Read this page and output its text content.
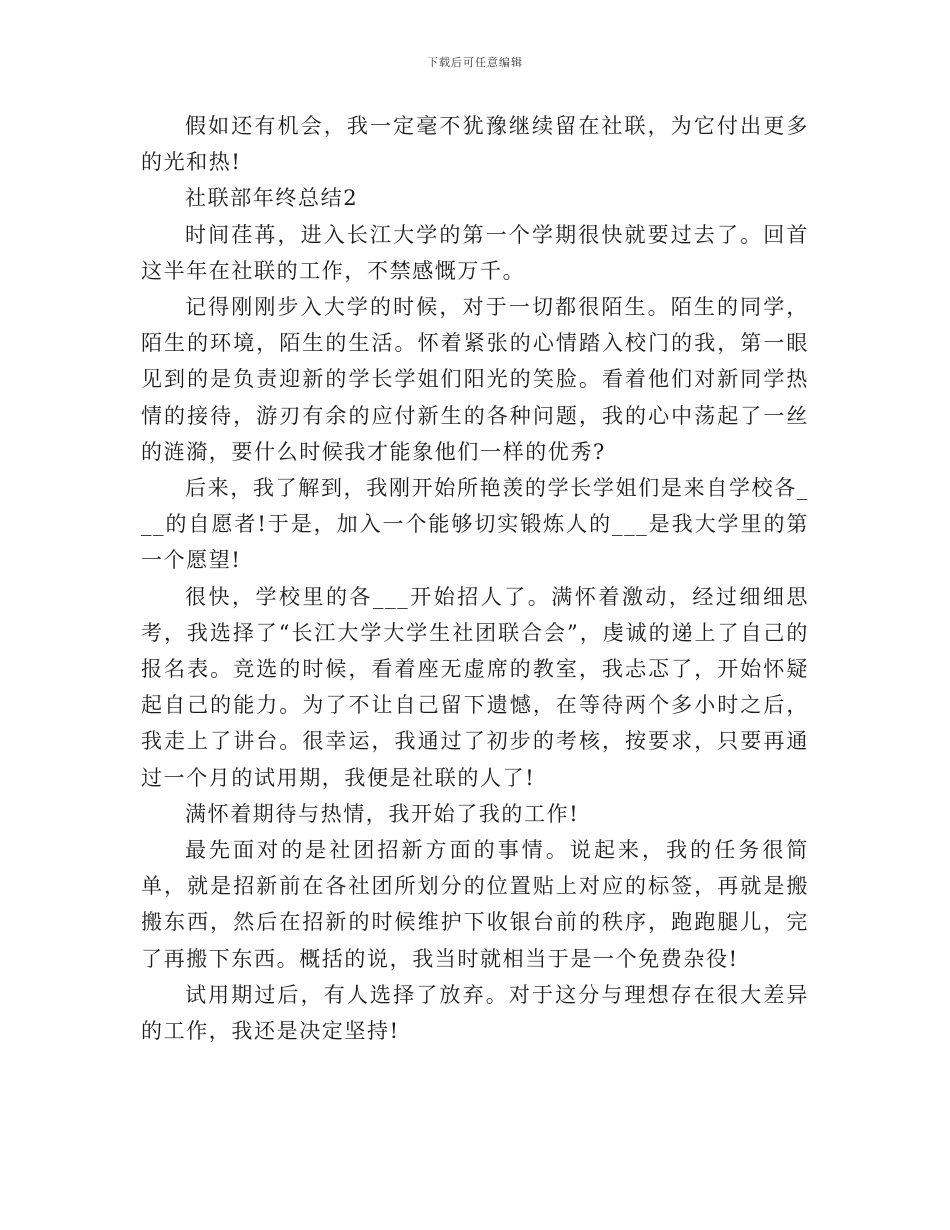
下载后可任意编辑

假如还有机会，我一定毫不犹豫继续留在社联，为它付出更多的光和热!

社联部年终总结2

时间荏苒，进入长江大学的第一个学期很快就要过去了。回首这半年在社联的工作，不禁感慨万千。

记得刚刚步入大学的时候，对于一切都很陌生。陌生的同学，陌生的环境，陌生的生活。怀着紧张的心情踏入校门的我，第一眼见到的是负责迎新的学长学姐们阳光的笑脸。看着他们对新同学热情的接待，游刃有余的应付新生的各种问题，我的心中荡起了一丝的涟漪，要什么时候我才能象他们一样的优秀?

后来，我了解到，我刚开始所艳羡的学长学姐们是来自学校各___的自愿者!于是，加入一个能够切实锻炼人的___是我大学里的第一个愿望!

很快，学校里的各___开始招人了。满怀着激动，经过细细思考，我选择了“长江大学大学生社团联合会”，虔诚的递上了自己的报名表。竞选的时候，看着座无虚席的教室，我忐忑了，开始怀疑起自己的能力。为了不让自己留下遗憾，在等待两个多小时之后，我走上了讲台。很幸运，我通过了初步的考核，按要求，只要再通过一个月的试用期，我便是社联的人了!

满怀着期待与热情，我开始了我的工作!

最先面对的是社团招新方面的事情。说起来，我的任务很简单，就是招新前在各社团所划分的位置贴上对应的标签，再就是搬搬东西，然后在招新的时候维护下收银台前的秩序，跑跑腿儿，完了再搬下东西。概括的说，我当时就相当于是一个免费杂役!

试用期过后，有人选择了放弃。对于这分与理想存在很大差异的工作，我还是决定坚持!
